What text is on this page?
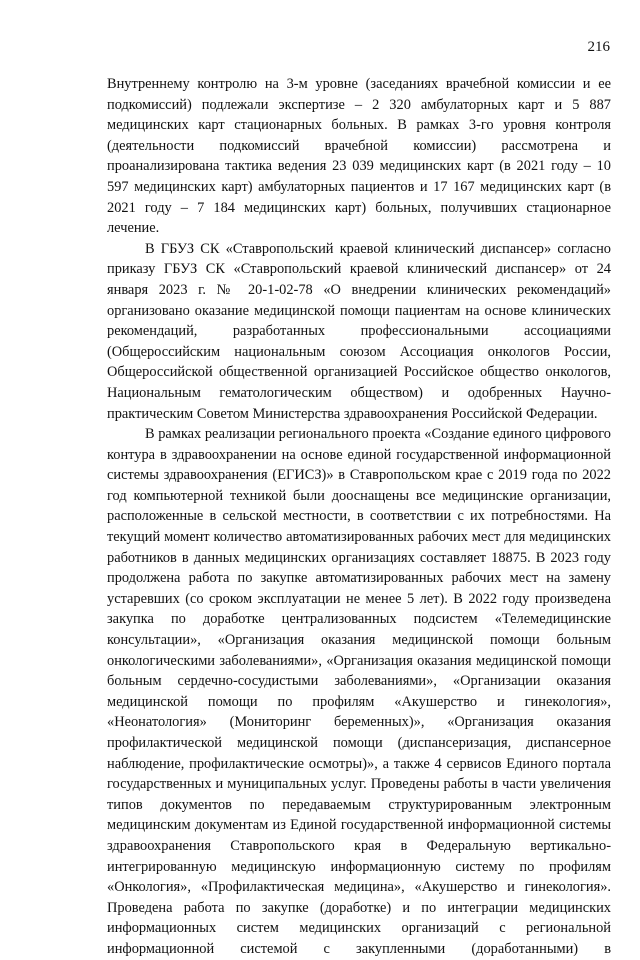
216

Внутреннему контролю на 3-м уровне (заседаниях врачебной комиссии и ее подкомиссий) подлежали экспертизе – 2 320 амбулаторных карт и 5 887 медицинских карт стационарных больных. В рамках 3-го уровня контроля (деятельности подкомиссий врачебной комиссии) рассмотрена и проанализирована тактика ведения 23 039 медицинских карт (в 2021 году – 10 597 медицинских карт) амбулаторных пациентов и 17 167 медицинских карт (в 2021 году – 7 184 медицинских карт) больных, получивших стационарное лечение.

В ГБУЗ СК «Ставропольский краевой клинический диспансер» согласно приказу ГБУЗ СК «Ставропольский краевой клинический диспансер» от 24 января 2023 г. № 20-1-02-78 «О внедрении клинических рекомендаций» организовано оказание медицинской помощи пациентам на основе клинических рекомендаций, разработанных профессиональными ассоциациями (Общероссийским национальным союзом Ассоциация онкологов России, Общероссийской общественной организацией Российское общество онкологов, Национальным гематологическим обществом) и одобренных Научно-практическим Советом Министерства здравоохранения Российской Федерации.

В рамках реализации регионального проекта «Создание единого цифрового контура в здравоохранении на основе единой государственной информационной системы здравоохранения (ЕГИСЗ)» в Ставропольском крае с 2019 года по 2022 год компьютерной техникой были дооснащены все медицинские организации, расположенные в сельской местности, в соответствии с их потребностями. На текущий момент количество автоматизированных рабочих мест для медицинских работников в данных медицинских организациях составляет 18875. В 2023 году продолжена работа по закупке автоматизированных рабочих мест на замену устаревших (со сроком эксплуатации не менее 5 лет). В 2022 году произведена закупка по доработке централизованных подсистем «Телемедицинские консультации», «Организация оказания медицинской помощи больным онкологическими заболеваниями», «Организация оказания медицинской помощи больным сердечно-сосудистыми заболеваниями», «Организации оказания медицинской помощи по профилям «Акушерство и гинекология», «Неонатология» (Мониторинг беременных)», «Организация оказания профилактической медицинской помощи (диспансеризация, диспансерное наблюдение, профилактические осмотры)», а также 4 сервисов Единого портала государственных и муниципальных услуг. Проведены работы в части увеличения типов документов по передаваемым структурированным электронным медицинским документам из Единой государственной информационной системы здравоохранения Ставропольского края в Федеральную вертикально-интегрированную медицинскую информационную систему по профилям «Онкология», «Профилактическая медицина», «Акушерство и гинекология». Проведена работа по закупке (доработке) и по интеграции медицинских информационных систем медицинских организаций с региональной информационной системой с закупленными (доработанными) в
